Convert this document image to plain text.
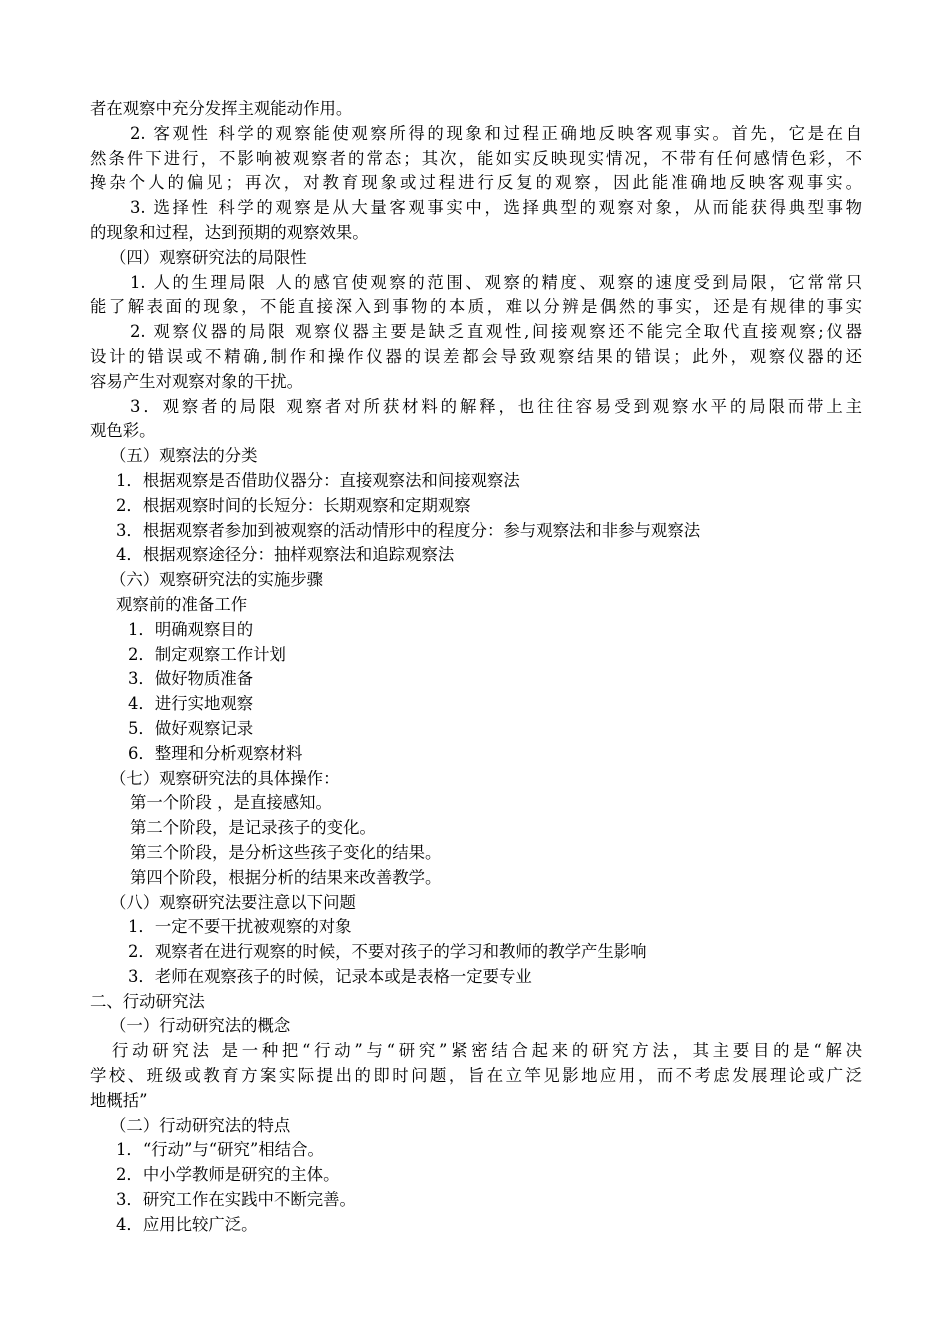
者在观察中充分发挥主观能动作用。
2. 客观性 科学的观察能使观察所得的现象和过程正确地反映客观事实。首先，它是在自
然条件下进行，不影响被观察者的常态；其次，能如实反映现实情况，不带有任何感情色彩，不
搀杂个人的偏见；再次，对教育现象或过程进行反复的观察，因此能准确地反映客观事实。
3. 选择性 科学的观察是从大量客观事实中，选择典型的观察对象，从而能获得典型事物
的现象和过程，达到预期的观察效果。
（四）观察研究法的局限性
1. 人的生理局限 人的感官使观察的范围、观察的精度、观察的速度受到局限，它常常只
能了解表面的现象，不能直接深入到事物的本质，难以分辨是偶然的事实，还是有规律的事实
2. 观察仪器的局限 观察仪器主要是缺乏直观性,间接观察还不能完全取代直接观察;仪器
设计的错误或不精确,制作和操作仪器的误差都会导致观察结果的错误；此外，观察仪器的还
容易产生对观察对象的干扰。
3．观察者的局限 观察者对所获材料的解释，也往往容易受到观察水平的局限而带上主
观色彩。
（五）观察法的分类
1．根据观察是否借助仪器分：直接观察法和间接观察法
2．根据观察时间的长短分：长期观察和定期观察
3．根据观察者参加到被观察的活动情形中的程度分：参与观察法和非参与观察法
4．根据观察途径分：抽样观察法和追踪观察法
（六）观察研究法的实施步骤
观察前的准备工作
1．明确观察目的
2．制定观察工作计划
3．做好物质准备
4．进行实地观察
5．做好观察记录
6．整理和分析观察材料
（七）观察研究法的具体操作：
第一个阶段 ，是直接感知。
第二个阶段，是记录孩子的变化。
第三个阶段，是分析这些孩子变化的结果。
第四个阶段，根据分析的结果来改善教学。
（八）观察研究法要注意以下问题
1．一定不要干扰被观察的对象
2．观察者在进行观察的时候，不要对孩子的学习和教师的教学产生影响
3．老师在观察孩子的时候，记录本或是表格一定要专业
二、行动研究法
（一）行动研究法的概念
行动研究法 是一种把“行动”与“研究”紧密结合起来的研究方法，其主要目的是“解决
学校、班级或教育方案实际提出的即时问题，旨在立竿见影地应用，而不考虑发展理论或广泛
地概括”
（二）行动研究法的特点
1．“行动”与“研究”相结合。
2．中小学教师是研究的主体。
3．研究工作在实践中不断完善。
4．应用比较广泛。
